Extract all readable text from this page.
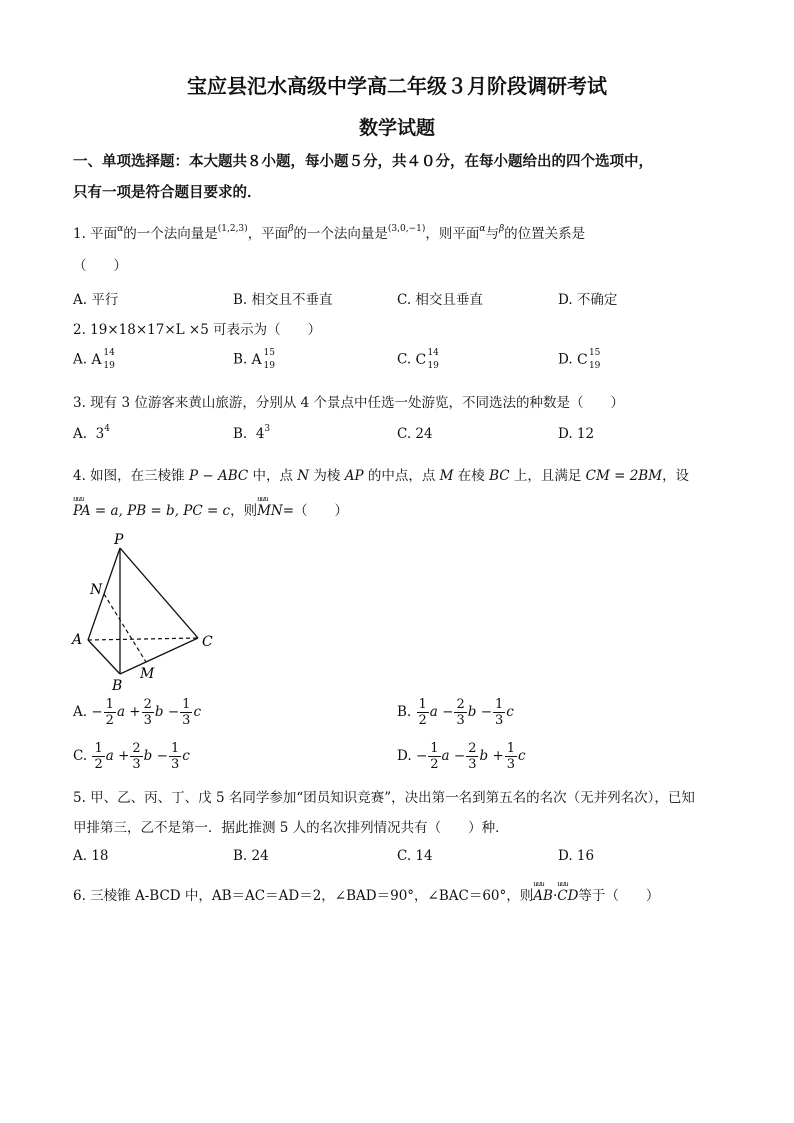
宝应县氾水高级中学高二年级３月阶段调研考试
数学试题
一、单项选择题：本大题共８小题，每小题５分，共４０分，在每小题给出的四个选项中，
只有一项是符合题目要求的．
1. 平面$^\alpha$的一个法向量是$^{(1,2,3)}$，平面$^\beta$的一个法向量是$^{(3,0,-1)}$，则平面$^\alpha$与$^\beta$的位置关系是
（　　）
A. 平行	B. 相交且不垂直	C. 相交且垂直	D. 不确定
2. 19×18×17×L ×5 可表示为（　　）
A. A 14
19	B. A 15
19	C. C 14
19	D. C 15
19
3. 现有 3 位游客来黄山旅游，分别从 4 个景点中任选一处游览，不同选法的种数是（　　）
A. $3^4$	B. $4^3$	C. 24	D. 12
4. 如图，在三棱锥 P − ABC 中，点 N 为棱 AP 的中点，点 M 在棱 BC 上，且满足 CM = 2BM，设
uuu PA = a, PB = b, PC = c，则uuu MN=（　　）
P
N
A	C
M
B
A. − $\frac{1}{2}$ $a + \frac{2}{3}$ $b - \frac{1}{3}$ c	B. $\frac{1}{2}$ $a - \frac{2}{3}$ $b - \frac{1}{3}$ c
C. $\frac{1}{2}$ $a + \frac{2}{3}$ $b - \frac{1}{3}$ c	D. − $\frac{1}{2}$ $a - \frac{2}{3}$ $b + \frac{1}{3}$ c
5. 甲、乙、丙、丁、戊 5 名同学参加“团员知识竞赛”，决出第一名到第五名的名次（无并列名次），已知
甲排第三，乙不是第一．据此推测 5 人的名次排列情况共有（　　）种．
A. 18	B. 24	C. 14	D. 16
6. 三棱锥 A-BCD 中，AB＝AC＝AD＝2，∠BAD＝90°，∠BAC＝60°，则uuu AB·uuu CD等于（　　）
